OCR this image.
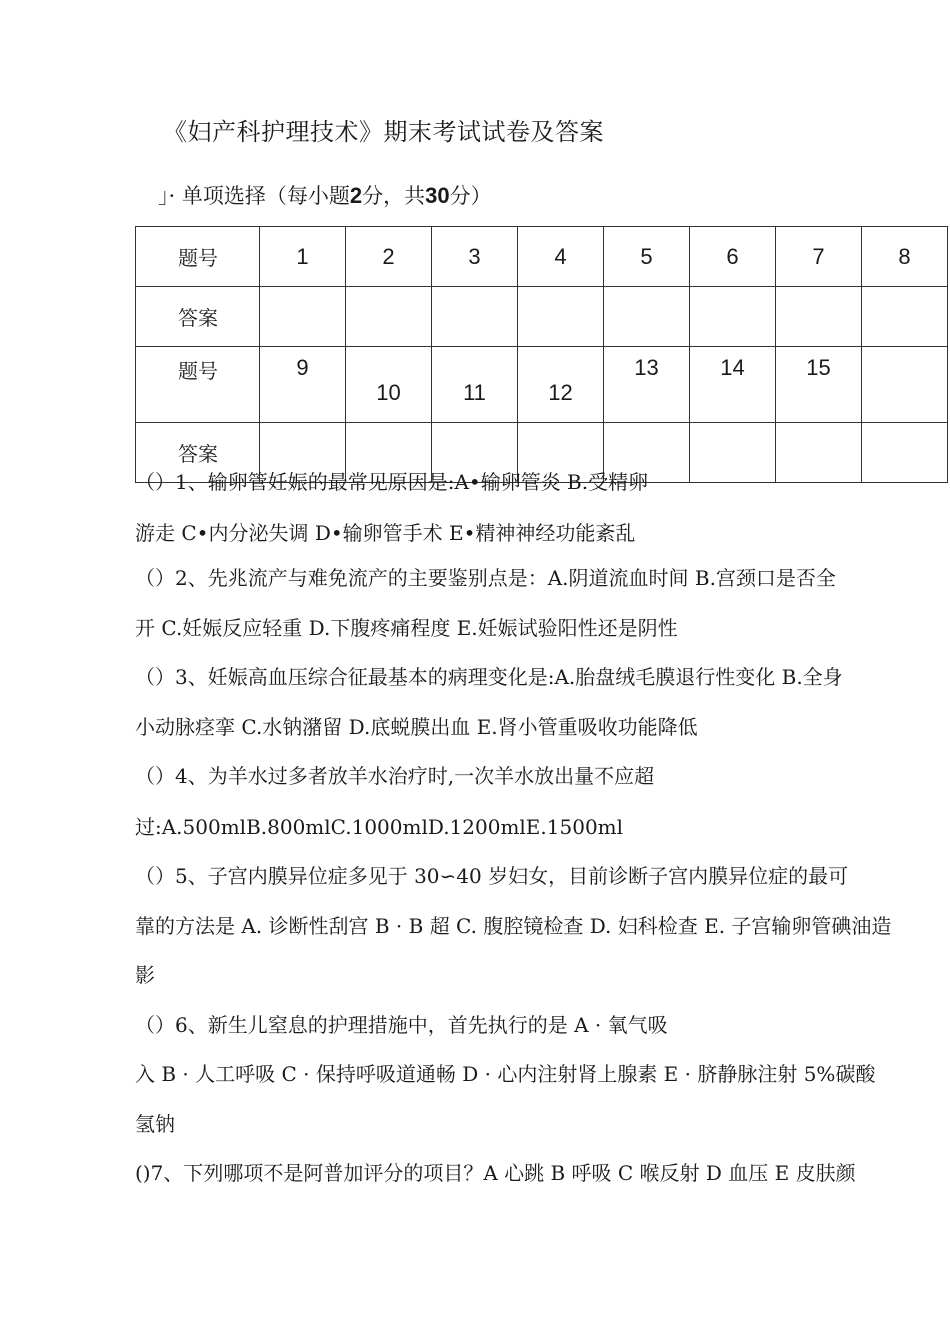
《妇产科护理技术》期末考试试卷及答案
」· 单项选择（每小题2分，共30分）
题号	1	2	3	4	5	6	7	8
答案								
题号	9	10	11	12	13	14	15	
答案								
（）1、输卵管妊娠的最常见原因是:A•输卵管炎 B.受精卵
游走 C•内分泌失调 D•输卵管手术 E•精神神经功能紊乱
（）2、先兆流产与难免流产的主要鉴别点是：A.阴道流血时间 B.宫颈口是否全
开 C.妊娠反应轻重 D.下腹疼痛程度 E.妊娠试验阳性还是阴性
（）3、妊娠高血压综合征最基本的病理变化是:A.胎盘绒毛膜退行性变化 B.全身
小动脉痉挛 C.水钠潴留 D.底蜕膜出血 E.肾小管重吸收功能降低
（）4、为羊水过多者放羊水治疗时,一次羊水放出量不应超
过:A.500mlB.800mlC.1000mlD.1200mlE.1500ml
（）5、子宫内膜异位症多见于 30∽40 岁妇女，目前诊断子宫内膜异位症的最可
靠的方法是 A. 诊断性刮宫 B · B 超 C. 腹腔镜检查 D. 妇科检查 E. 子宫输卵管碘油造
影
（）6、新生儿窒息的护理措施中，首先执行的是 A · 氧气吸
入 B · 人工呼吸 C · 保持呼吸道通畅 D · 心内注射肾上腺素 E · 脐静脉注射 5%碳酸
氢钠
()7、下列哪项不是阿普加评分的项目？A 心跳 B 呼吸 C 喉反射 D 血压 E 皮肤颜
